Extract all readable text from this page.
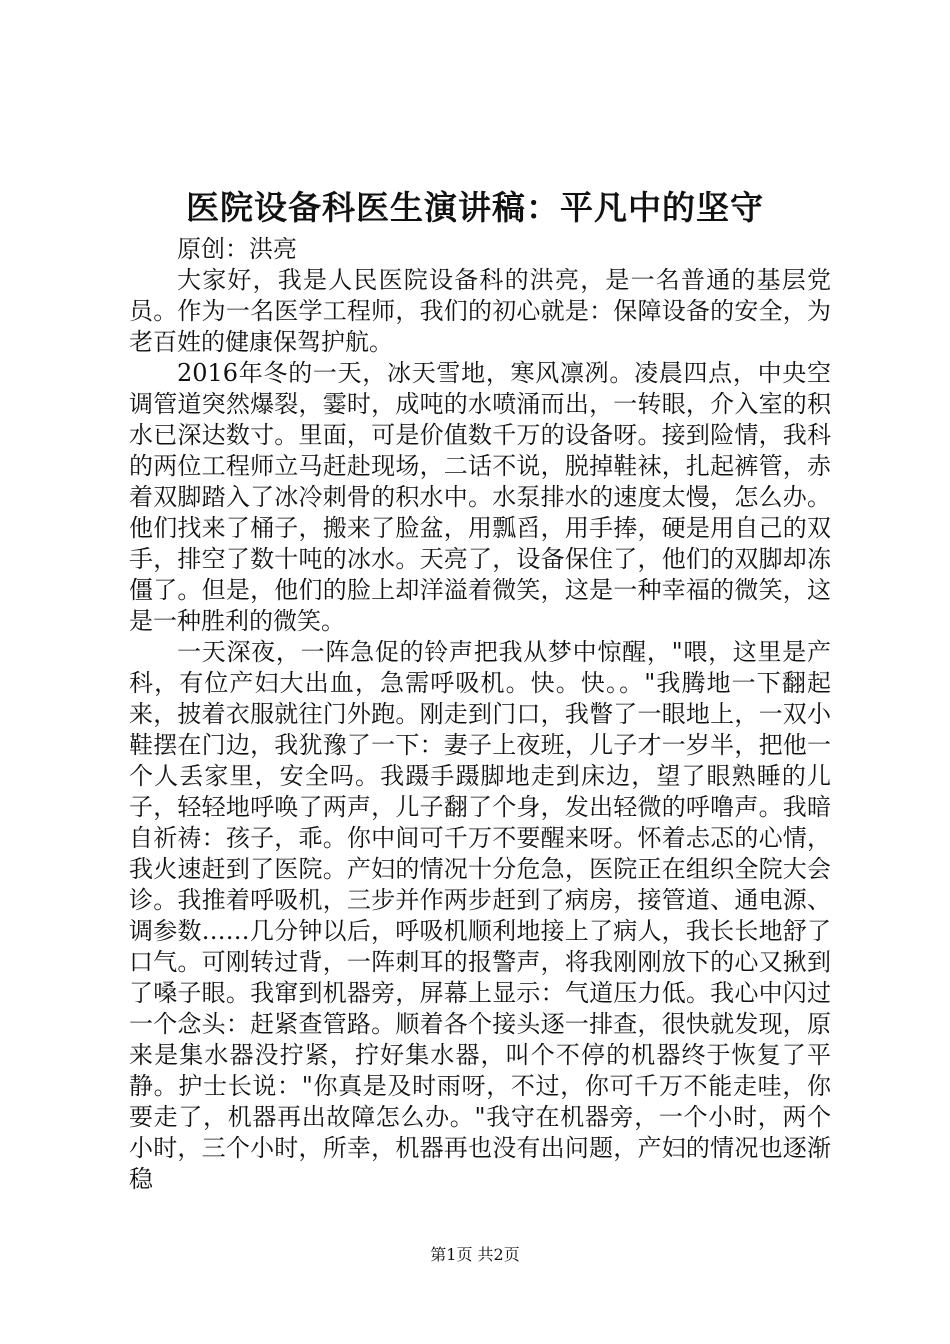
医院设备科医生演讲稿：平凡中的坚守
原创：洪亮

大家好，我是人民医院设备科的洪亮，是一名普通的基层党员。作为一名医学工程师，我们的初心就是：保障设备的安全，为老百姓的健康保驾护航。

2016年冬的一天，冰天雪地，寒风凛冽。凌晨四点，中央空调管道突然爆裂，霎时，成吨的水喷涌而出，一转眼，介入室的积水已深达数寸。里面，可是价值数千万的设备呀。接到险情，我科的两位工程师立马赶赴现场，二话不说，脱掉鞋袜，扎起裤管，赤着双脚踏入了冰冷刺骨的积水中。水泵排水的速度太慢，怎么办。他们找来了桶子，搬来了脸盆，用瓢舀，用手捧，硬是用自己的双手，排空了数十吨的冰水。天亮了，设备保住了，他们的双脚却冻僵了。但是，他们的脸上却洋溢着微笑，这是一种幸福的微笑，这是一种胜利的微笑。

一天深夜，一阵急促的铃声把我从梦中惊醒，"喂，这里是产科，有位产妇大出血，急需呼吸机。快。快。。"我腾地一下翻起来，披着衣服就往门外跑。刚走到门口，我瞥了一眼地上，一双小鞋摆在门边，我犹豫了一下：妻子上夜班，儿子才一岁半，把他一个人丢家里，安全吗。我蹑手蹑脚地走到床边，望了眼熟睡的儿子，轻轻地呼唤了两声，儿子翻了个身，发出轻微的呼噜声。我暗自祈祷：孩子，乖。你中间可千万不要醒来呀。怀着忐忑的心情，我火速赶到了医院。产妇的情况十分危急，医院正在组织全院大会诊。我推着呼吸机，三步并作两步赶到了病房，接管道、通电源、调参数……几分钟以后，呼吸机顺利地接上了病人，我长长地舒了口气。可刚转过背，一阵刺耳的报警声，将我刚刚放下的心又揪到了嗓子眼。我窜到机器旁，屏幕上显示：气道压力低。我心中闪过一个念头：赶紧查管路。顺着各个接头逐一排查，很快就发现，原来是集水器没拧紧，拧好集水器，叫个不停的机器终于恢复了平静。护士长说："你真是及时雨呀，不过，你可千万不能走哇，你要走了，机器再出故障怎么办。"我守在机器旁，一个小时，两个小时，三个小时，所幸，机器再也没有出问题，产妇的情况也逐渐稳

第1页 共2页
